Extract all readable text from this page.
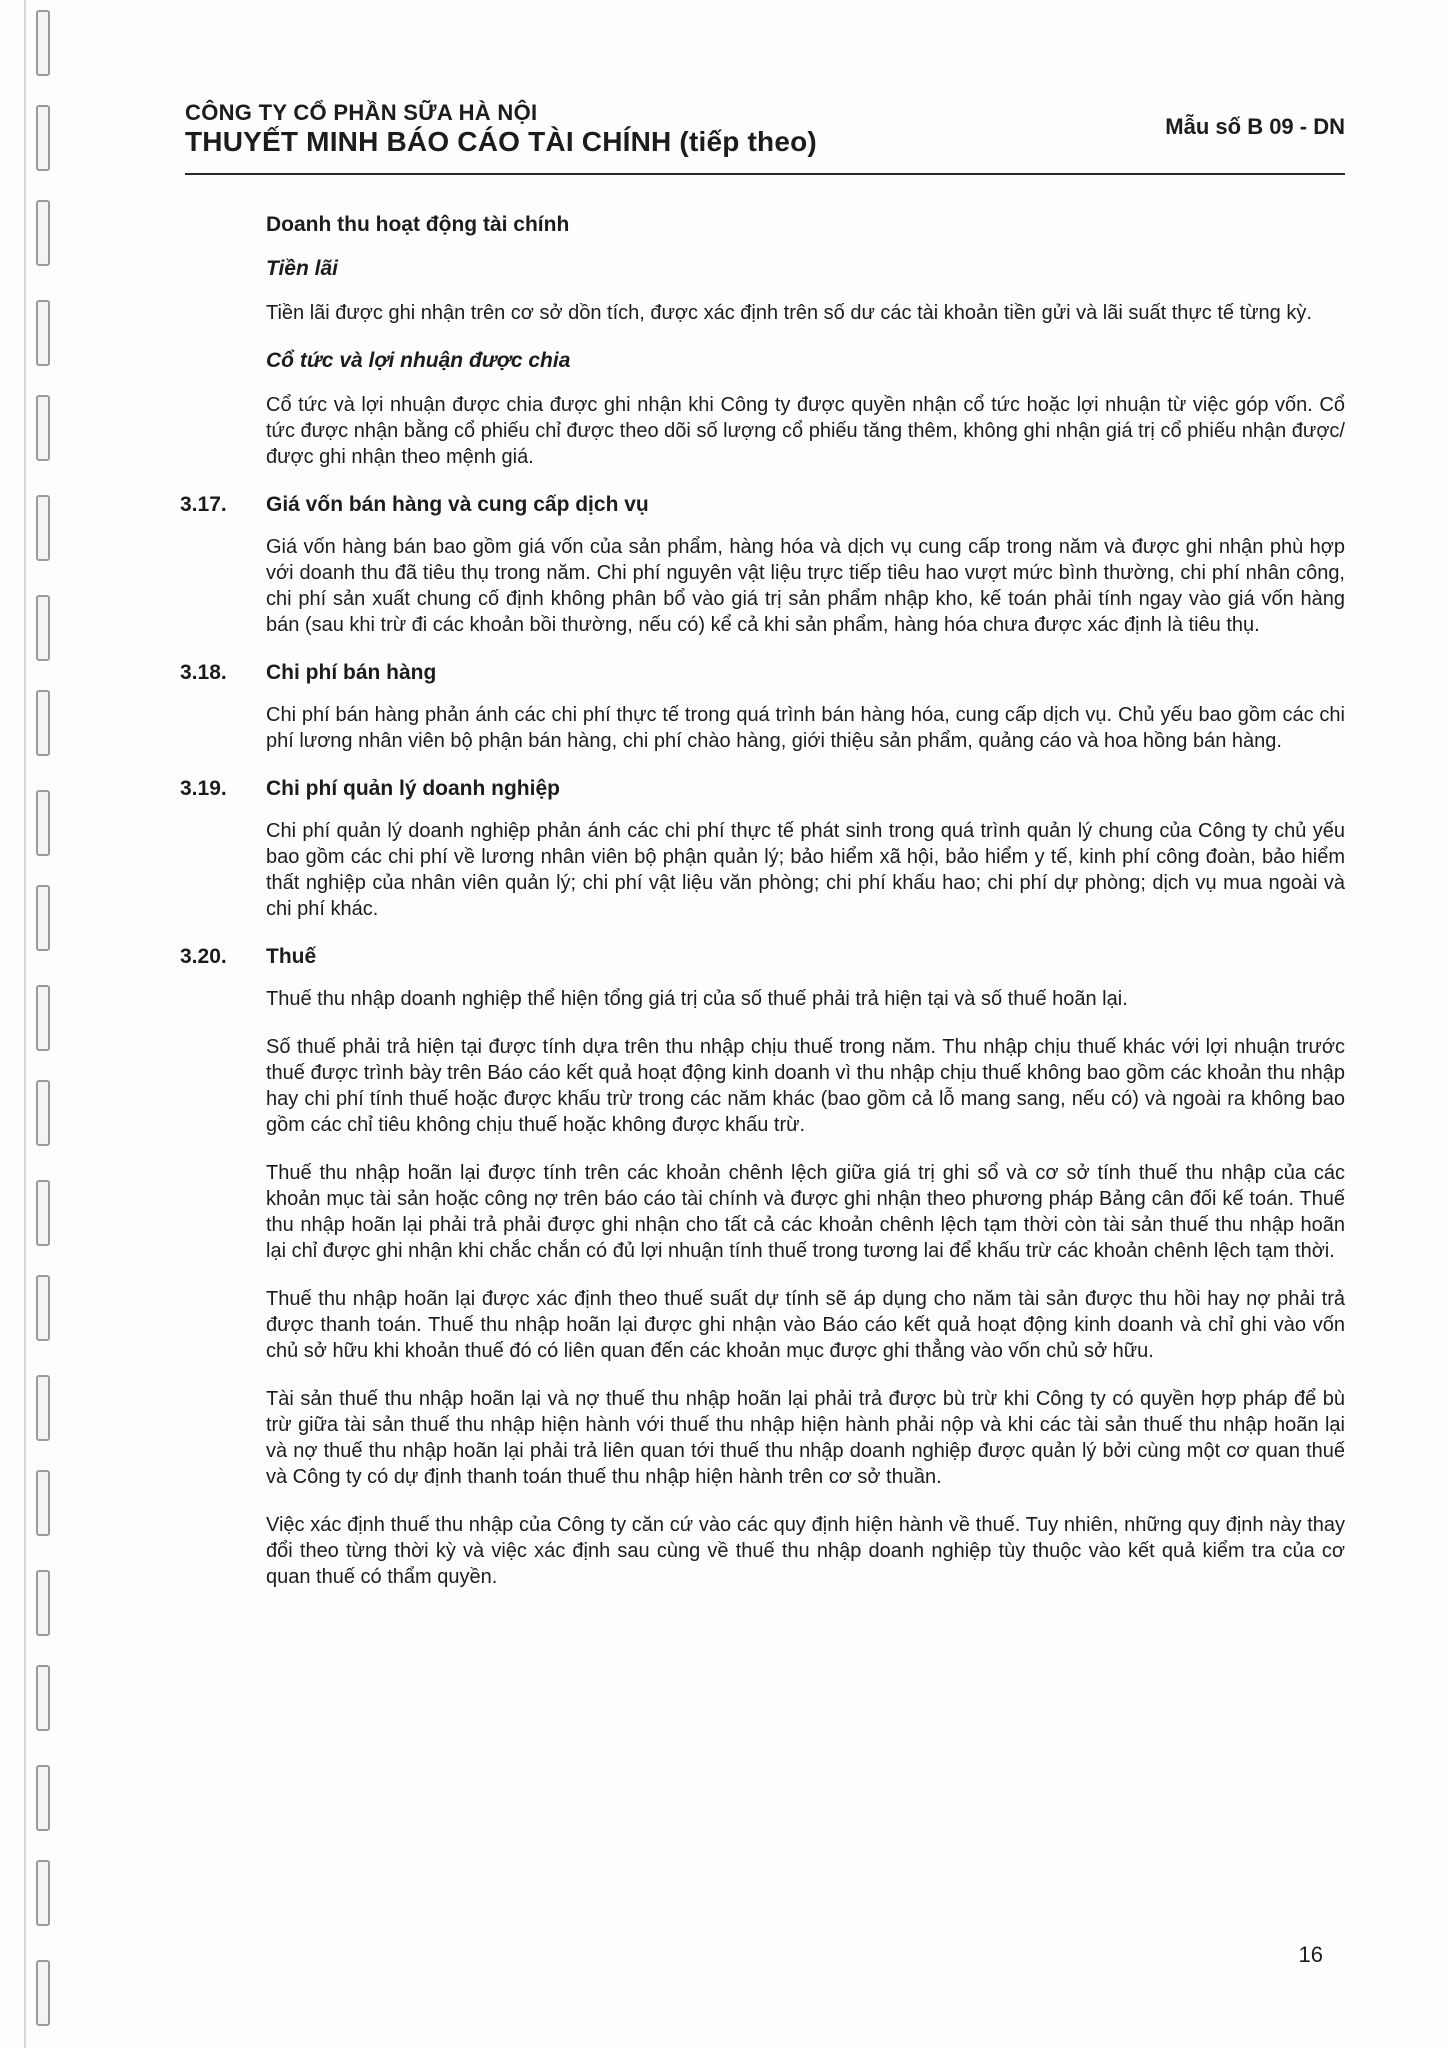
CÔNG TY CỔ PHẦN SỮA HÀ NỘI
THUYẾT MINH BÁO CÁO TÀI CHÍNH (tiếp theo)	Mẫu số B 09 - DN
Doanh thu hoạt động tài chính
Tiền lãi

Tiền lãi được ghi nhận trên cơ sở dồn tích, được xác định trên số dư các tài khoản tiền gửi và lãi suất thực tế từng kỳ.

Cổ tức và lợi nhuận được chia

Cổ tức và lợi nhuận được chia được ghi nhận khi Công ty được quyền nhận cổ tức hoặc lợi nhuận từ việc góp vốn. Cổ tức được nhận bằng cổ phiếu chỉ được theo dõi số lượng cổ phiếu tăng thêm, không ghi nhận giá trị cổ phiếu nhận được/được ghi nhận theo mệnh giá.

3.17. Giá vốn bán hàng và cung cấp dịch vụ

Giá vốn hàng bán bao gồm giá vốn của sản phẩm, hàng hóa và dịch vụ cung cấp trong năm và được ghi nhận phù hợp với doanh thu đã tiêu thụ trong năm. Chi phí nguyên vật liệu trực tiếp tiêu hao vượt mức bình thường, chi phí nhân công, chi phí sản xuất chung cố định không phân bổ vào giá trị sản phẩm nhập kho, kế toán phải tính ngay vào giá vốn hàng bán (sau khi trừ đi các khoản bồi thường, nếu có) kể cả khi sản phẩm, hàng hóa chưa được xác định là tiêu thụ.

3.18. Chi phí bán hàng

Chi phí bán hàng phản ánh các chi phí thực tế trong quá trình bán hàng hóa, cung cấp dịch vụ. Chủ yếu bao gồm các chi phí lương nhân viên bộ phận bán hàng, chi phí chào hàng, giới thiệu sản phẩm, quảng cáo và hoa hồng bán hàng.

3.19. Chi phí quản lý doanh nghiệp

Chi phí quản lý doanh nghiệp phản ánh các chi phí thực tế phát sinh trong quá trình quản lý chung của Công ty chủ yếu bao gồm các chi phí về lương nhân viên bộ phận quản lý; bảo hiểm xã hội, bảo hiểm y tế, kinh phí công đoàn, bảo hiểm thất nghiệp của nhân viên quản lý; chi phí vật liệu văn phòng; chi phí khấu hao; chi phí dự phòng; dịch vụ mua ngoài và chi phí khác.

3.20. Thuế

Thuế thu nhập doanh nghiệp thể hiện tổng giá trị của số thuế phải trả hiện tại và số thuế hoãn lại.

Số thuế phải trả hiện tại được tính dựa trên thu nhập chịu thuế trong năm. Thu nhập chịu thuế khác với lợi nhuận trước thuế được trình bày trên Báo cáo kết quả hoạt động kinh doanh vì thu nhập chịu thuế không bao gồm các khoản thu nhập hay chi phí tính thuế hoặc được khấu trừ trong các năm khác (bao gồm cả lỗ mang sang, nếu có) và ngoài ra không bao gồm các chỉ tiêu không chịu thuế hoặc không được khấu trừ.

Thuế thu nhập hoãn lại được tính trên các khoản chênh lệch giữa giá trị ghi sổ và cơ sở tính thuế thu nhập của các khoản mục tài sản hoặc công nợ trên báo cáo tài chính và được ghi nhận theo phương pháp Bảng cân đối kế toán. Thuế thu nhập hoãn lại phải trả phải được ghi nhận cho tất cả các khoản chênh lệch tạm thời còn tài sản thuế thu nhập hoãn lại chỉ được ghi nhận khi chắc chắn có đủ lợi nhuận tính thuế trong tương lai để khấu trừ các khoản chênh lệch tạm thời.

Thuế thu nhập hoãn lại được xác định theo thuế suất dự tính sẽ áp dụng cho năm tài sản được thu hồi hay nợ phải trả được thanh toán. Thuế thu nhập hoãn lại được ghi nhận vào Báo cáo kết quả hoạt động kinh doanh và chỉ ghi vào vốn chủ sở hữu khi khoản thuế đó có liên quan đến các khoản mục được ghi thẳng vào vốn chủ sở hữu.

Tài sản thuế thu nhập hoãn lại và nợ thuế thu nhập hoãn lại phải trả được bù trừ khi Công ty có quyền hợp pháp để bù trừ giữa tài sản thuế thu nhập hiện hành với thuế thu nhập hiện hành phải nộp và khi các tài sản thuế thu nhập hoãn lại và nợ thuế thu nhập hoãn lại phải trả liên quan tới thuế thu nhập doanh nghiệp được quản lý bởi cùng một cơ quan thuế và Công ty có dự định thanh toán thuế thu nhập hiện hành trên cơ sở thuần.

Việc xác định thuế thu nhập của Công ty căn cứ vào các quy định hiện hành về thuế. Tuy nhiên, những quy định này thay đổi theo từng thời kỳ và việc xác định sau cùng về thuế thu nhập doanh nghiệp tùy thuộc vào kết quả kiểm tra của cơ quan thuế có thẩm quyền.

16
